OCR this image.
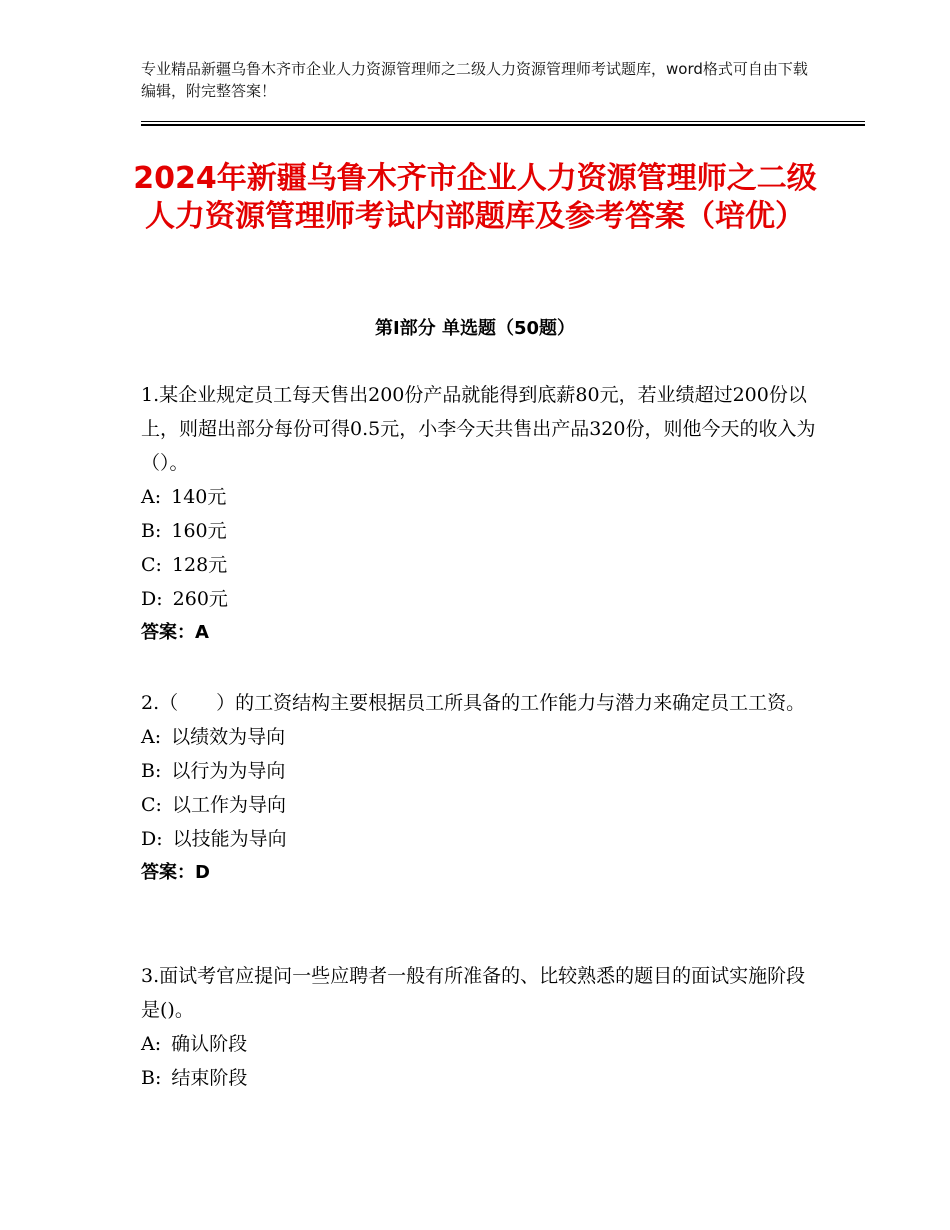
专业精品新疆乌鲁木齐市企业人力资源管理师之二级人力资源管理师考试题库，word格式可自由下载编辑，附完整答案！
2024年新疆乌鲁木齐市企业人力资源管理师之二级人力资源管理师考试内部题库及参考答案（培优）
第Ⅰ部分 单选题（50题）
1.某企业规定员工每天售出200份产品就能得到底薪80元，若业绩超过200份以上，则超出部分每份可得0.5元，小李今天共售出产品320份，则他今天的收入为（）。
A: 140元
B: 160元
C: 128元
D: 260元
答案：A
2.（　　）的工资结构主要根据员工所具备的工作能力与潜力来确定员工工资。
A: 以绩效为导向
B: 以行为为导向
C: 以工作为导向
D: 以技能为导向
答案：D
3.面试考官应提问一些应聘者一般有所准备的、比较熟悉的题目的面试实施阶段是()。
A: 确认阶段
B: 结束阶段
